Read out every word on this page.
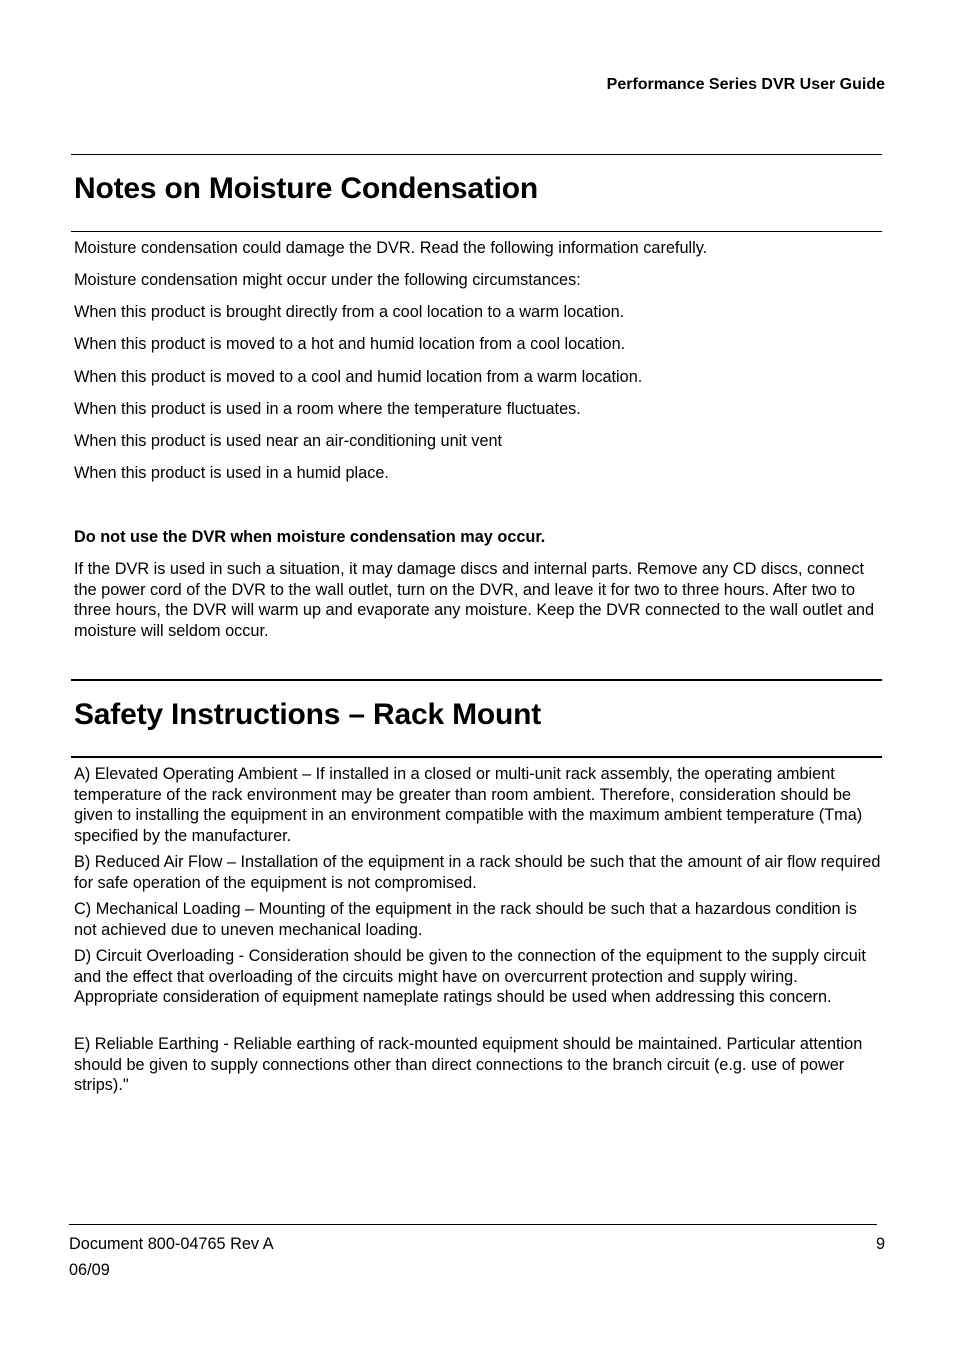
Performance Series DVR User Guide
Notes on Moisture Condensation

Moisture condensation could damage the DVR. Read the following information carefully.

Moisture condensation might occur under the following circumstances:

When this product is brought directly from a cool location to a warm location.

When this product is moved to a hot and humid location from a cool location.

When this product is moved to a cool and humid location from a warm location.

When this product is used in a room where the temperature fluctuates.

When this product is used near an air-conditioning unit vent

When this product is used in a humid place.

Do not use the DVR when moisture condensation may occur.

If the DVR is used in such a situation, it may damage discs and internal parts. Remove any CD discs, connect the power cord of the DVR to the wall outlet, turn on the DVR, and leave it for two to three hours. After two to three hours, the DVR will warm up and evaporate any moisture. Keep the DVR connected to the wall outlet and moisture will seldom occur.

Safety Instructions – Rack Mount

A) Elevated Operating Ambient – If installed in a closed or multi-unit rack assembly, the operating ambient temperature of the rack environment may be greater than room ambient. Therefore, consideration should be given to installing the equipment in an environment compatible with the maximum ambient temperature (Tma) specified by the manufacturer.

B) Reduced Air Flow – Installation of the equipment in a rack should be such that the amount of air flow required for safe operation of the equipment is not compromised.

C) Mechanical Loading – Mounting of the equipment in the rack should be such that a hazardous condition is not achieved due to uneven mechanical loading.

D) Circuit Overloading - Consideration should be given to the connection of the equipment to the supply circuit and the effect that overloading of the circuits might have on overcurrent protection and supply wiring. Appropriate consideration of equipment nameplate ratings should be used when addressing this concern.

E) Reliable Earthing - Reliable earthing of rack-mounted equipment should be maintained. Particular attention should be given to supply connections other than direct connections to the branch circuit (e.g. use of power strips)."

Document 800-04765 Rev A	9
06/09
